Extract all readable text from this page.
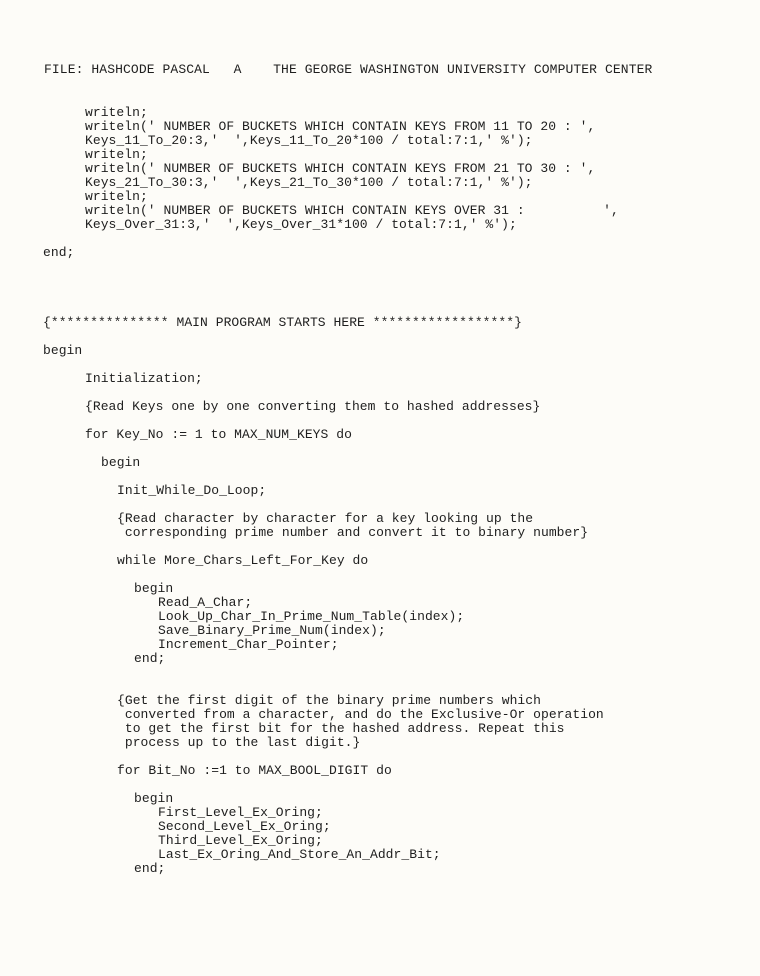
FILE: HASHCODE PASCAL   A    THE GEORGE WASHINGTON UNIVERSITY COMPUTER CENTER
writeln;
writeln(' NUMBER OF BUCKETS WHICH CONTAIN KEYS FROM 11 TO 20 : ',
Keys_11_To_20:3,'  ',Keys_11_To_20*100 / total:7:1,' %');
writeln;
writeln(' NUMBER OF BUCKETS WHICH CONTAIN KEYS FROM 21 TO 30 : ',
Keys_21_To_30:3,'  ',Keys_21_To_30*100 / total:7:1,' %');
writeln;
writeln(' NUMBER OF BUCKETS WHICH CONTAIN KEYS OVER 31 :          ',
Keys_Over_31:3,'  ',Keys_Over_31*100 / total:7:1,' %');
end;
{*************** MAIN PROGRAM STARTS HERE ******************}
begin
Initialization;
{Read Keys one by one converting them to hashed addresses}
for Key_No := 1 to MAX_NUM_KEYS do
begin
Init_While_Do_Loop;
{Read character by character for a key looking up the
corresponding prime number and convert it to binary number}
while More_Chars_Left_For_Key do
begin
Read_A_Char;
Look_Up_Char_In_Prime_Num_Table(index);
Save_Binary_Prime_Num(index);
Increment_Char_Pointer;
end;
{Get the first digit of the binary prime numbers which
converted from a character, and do the Exclusive-Or operation
to get the first bit for the hashed address. Repeat this
process up to the last digit.}
for Bit_No :=1 to MAX_BOOL_DIGIT do
begin
First_Level_Ex_Oring;
Second_Level_Ex_Oring;
Third_Level_Ex_Oring;
Last_Ex_Oring_And_Store_An_Addr_Bit;
end;
